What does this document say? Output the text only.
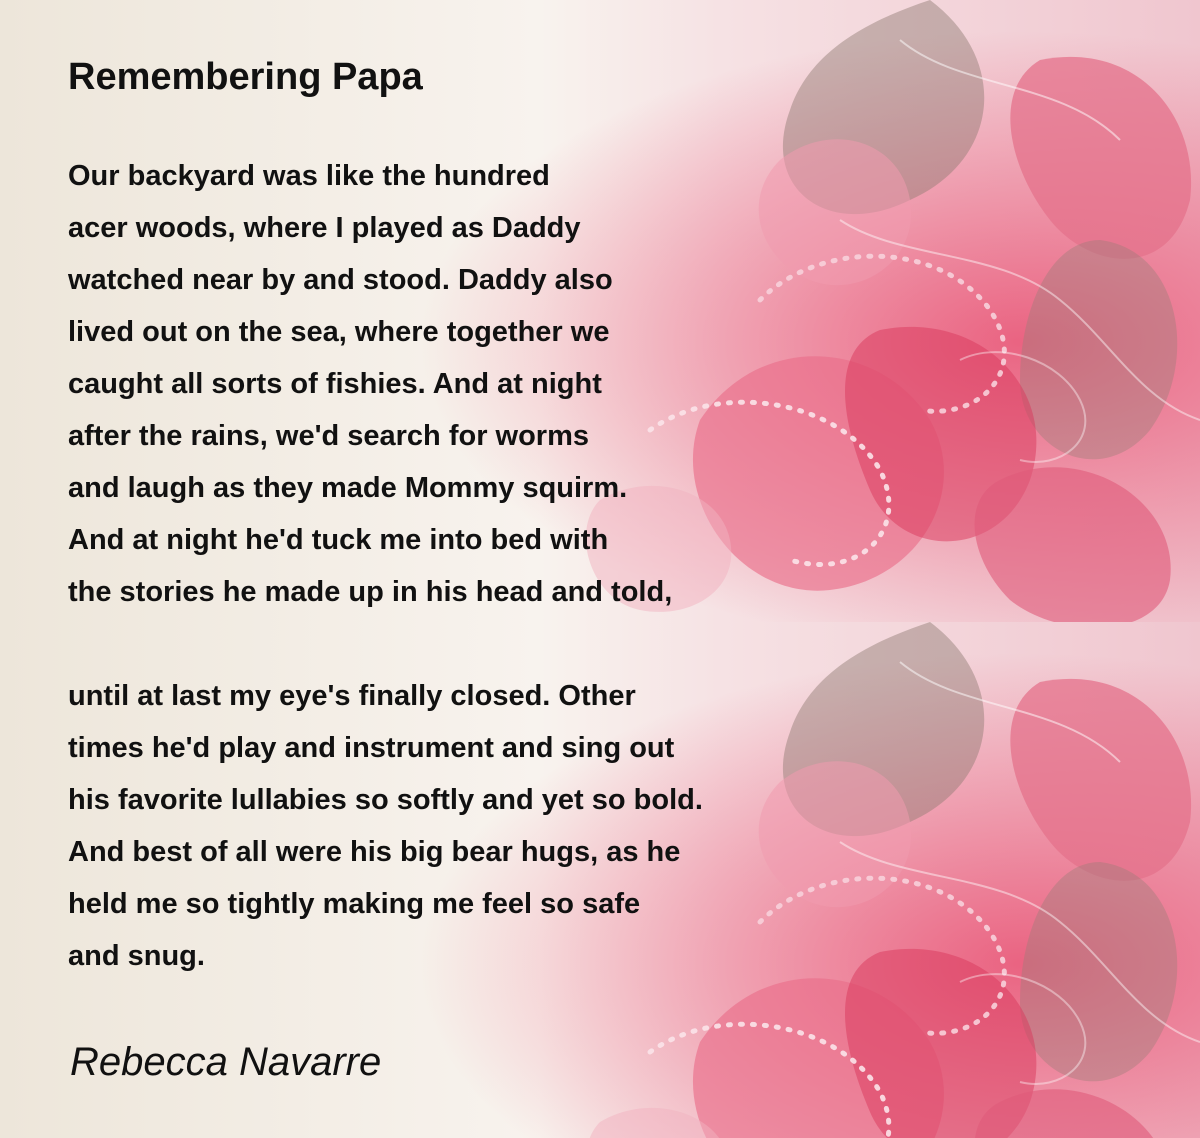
Remembering Papa
Our backyard was like the hundred
acer woods, where I played as Daddy
watched near by and stood. Daddy also
lived out on the sea, where together we
caught all sorts of fishies. And at night
after the rains, we'd search for worms
and laugh as they made Mommy squirm.
And at night he'd tuck me into bed with
the stories he made up in his head and told,
until at last my eye's finally closed. Other
times he'd play and instrument and sing out
his favorite lullabies so softly and yet so bold.
And best of all were his big bear hugs, as he
held me so tightly making me feel so safe
and snug.

Rebecca Navarre
